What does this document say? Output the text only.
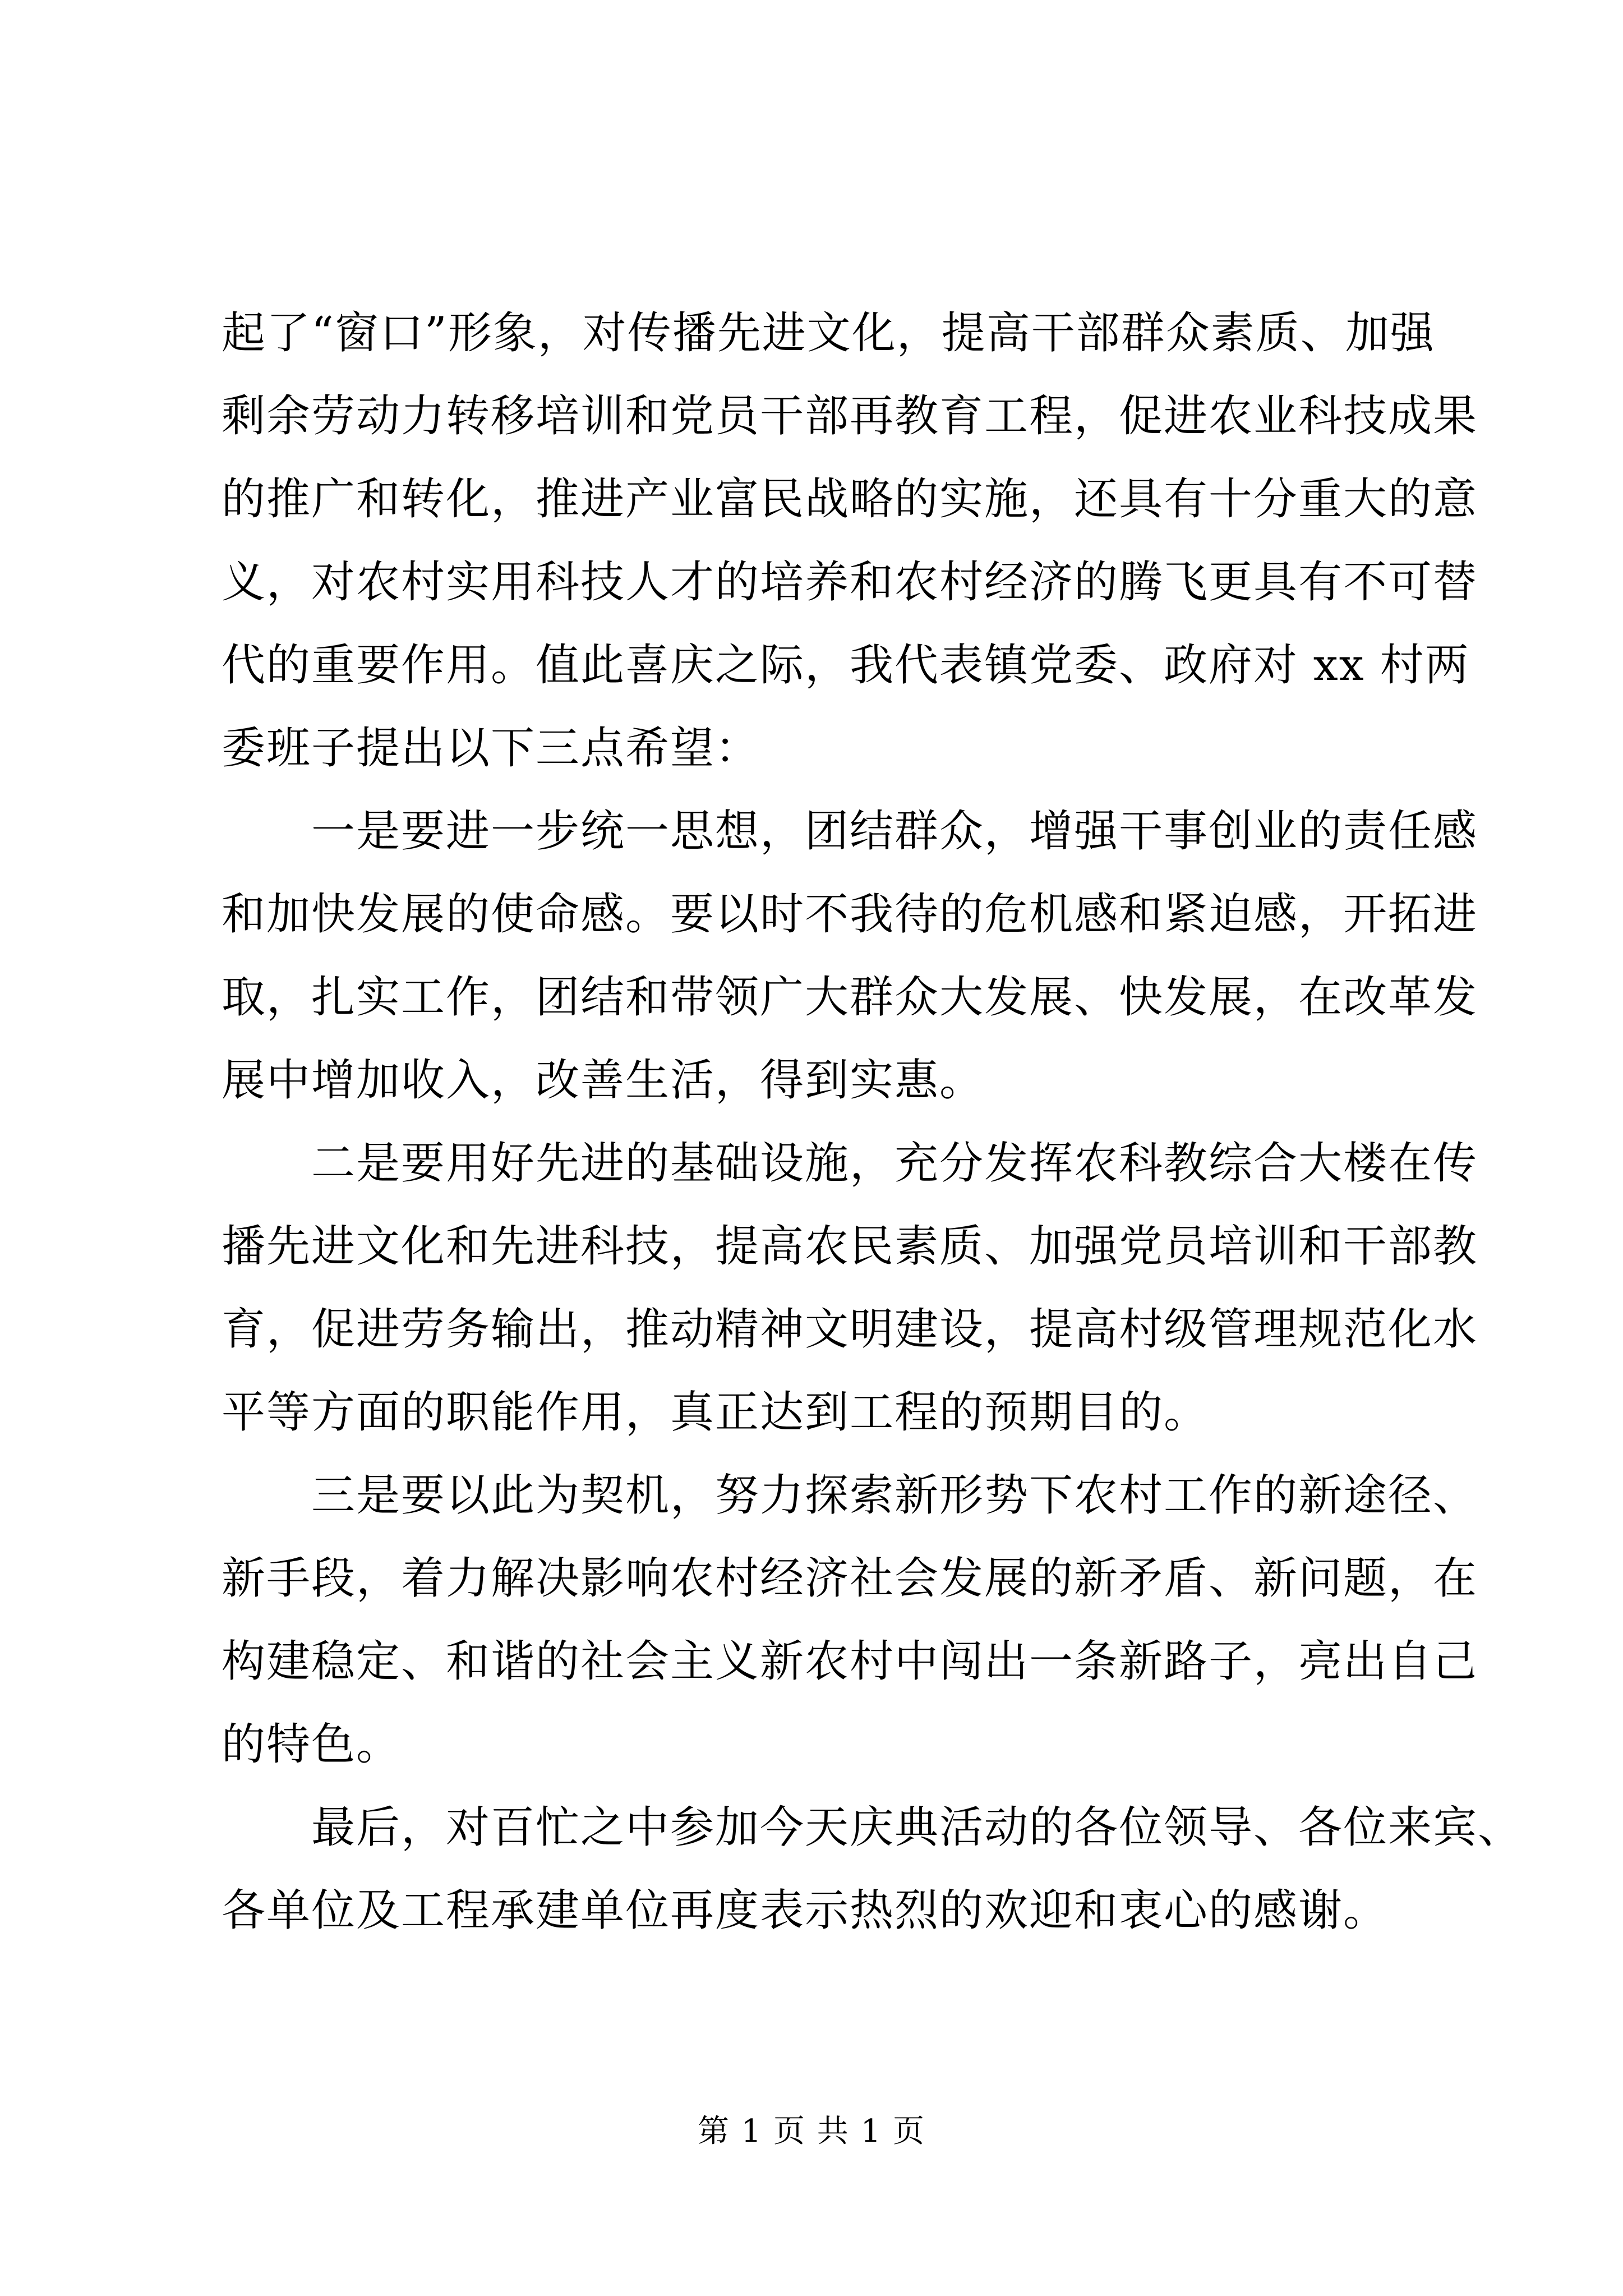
起了“窗口”形象，对传播先进文化，提高干部群众素质、加强
剩余劳动力转移培训和党员干部再教育工程，促进农业科技成果
的推广和转化，推进产业富民战略的实施，还具有十分重大的意
义，对农村实用科技人才的培养和农村经济的腾飞更具有不可替
代的重要作用。值此喜庆之际，我代表镇党委、政府对 xx 村两
委班子提出以下三点希望：
一是要进一步统一思想，团结群众，增强干事创业的责任感
和加快发展的使命感。要以时不我待的危机感和紧迫感，开拓进
取，扎实工作，团结和带领广大群众大发展、快发展，在改革发
展中增加收入，改善生活，得到实惠。
二是要用好先进的基础设施，充分发挥农科教综合大楼在传
播先进文化和先进科技，提高农民素质、加强党员培训和干部教
育，促进劳务输出，推动精神文明建设，提高村级管理规范化水
平等方面的职能作用，真正达到工程的预期目的。
三是要以此为契机，努力探索新形势下农村工作的新途径、
新手段，着力解决影响农村经济社会发展的新矛盾、新问题，在
构建稳定、和谐的社会主义新农村中闯出一条新路子，亮出自己
的特色。
最后，对百忙之中参加今天庆典活动的各位领导、各位来宾、
各单位及工程承建单位再度表示热烈的欢迎和衷心的感谢。
第 1 页 共 1 页
